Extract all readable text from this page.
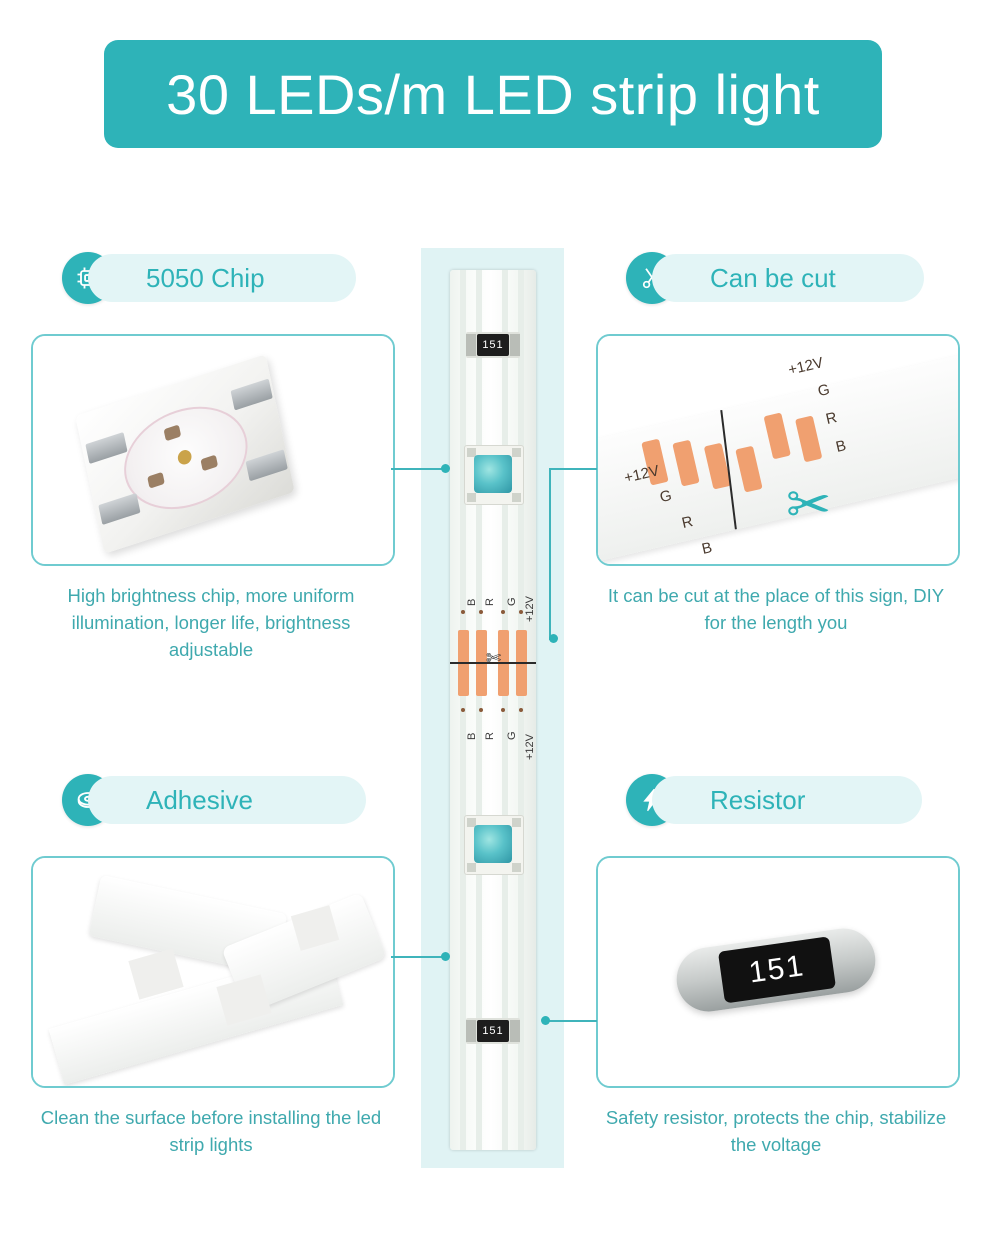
30 LEDs/m LED strip light
151
✄
B R G +12V
B R G +12V
151
5050 Chip
High brightness chip, more uniform illumination, longer life, brightness adjustable
Can be cut
+12V
G
R
B
+12V
G
R
B
✂
It can be cut at the place of this sign, DIY for the length you
Adhesive
Clean the surface before installing the led strip lights
Resistor
151
Safety resistor, protects the chip, stabilize the voltage
